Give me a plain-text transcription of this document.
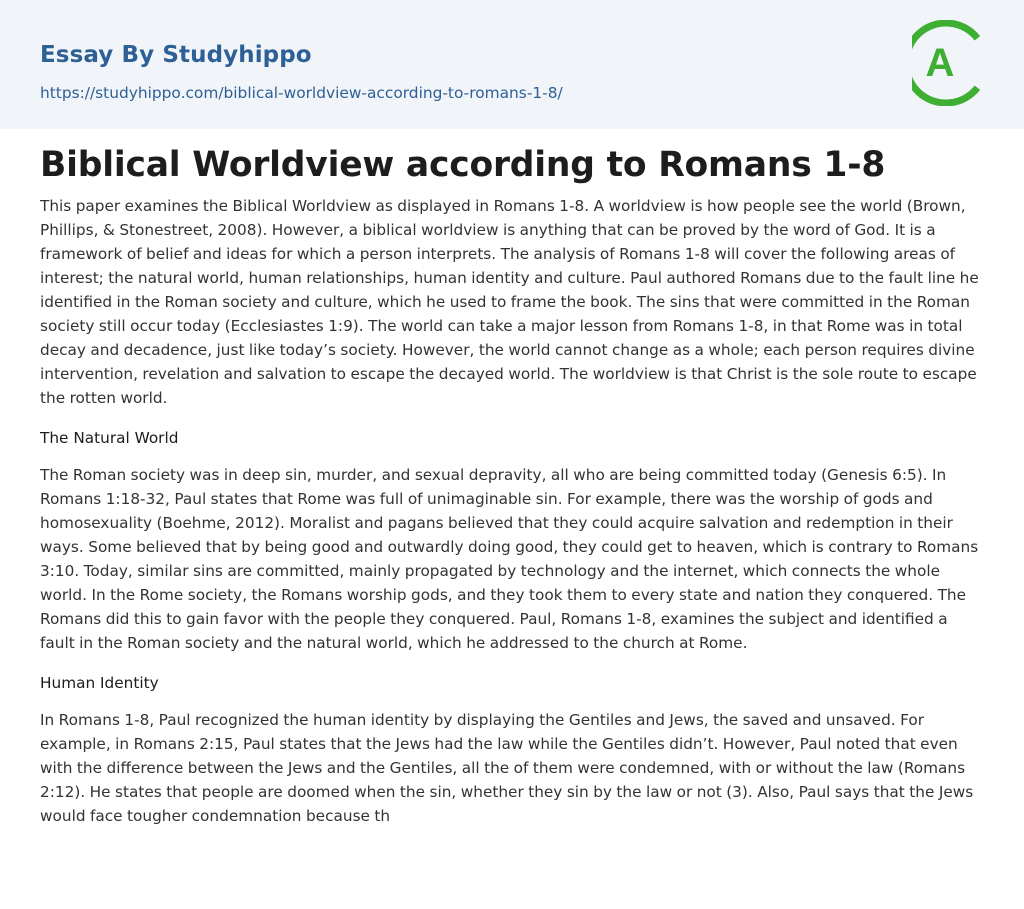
Essay By Studyhippo
https://studyhippo.com/biblical-worldview-according-to-romans-1-8/
A
Biblical Worldview according to Romans 1-8

This paper examines the Biblical Worldview as displayed in Romans 1-8. A worldview is how people see the world (Brown, Phillips, & Stonestreet, 2008). However, a biblical worldview is anything that can be proved by the word of God. It is a framework of belief and ideas for which a person interprets. The analysis of Romans 1-8 will cover the following areas of interest; the natural world, human relationships, human identity and culture. Paul authored Romans due to the fault line he identified in the Roman society and culture, which he used to frame the book. The sins that were committed in the Roman society still occur today (Ecclesiastes 1:9). The world can take a major lesson from Romans 1-8, in that Rome was in total decay and decadence, just like today’s society. However, the world cannot change as a whole; each person requires divine intervention, revelation and salvation to escape the decayed world. The worldview is that Christ is the sole route to escape the rotten world.

The Natural World

The Roman society was in deep sin, murder, and sexual depravity, all who are being committed today (Genesis 6:5). In Romans 1:18-32, Paul states that Rome was full of unimaginable sin. For example, there was the worship of gods and homosexuality (Boehme, 2012). Moralist and pagans believed that they could acquire salvation and redemption in their ways. Some believed that by being good and outwardly doing good, they could get to heaven, which is contrary to Romans 3:10. Today, similar sins are committed, mainly propagated by technology and the internet, which connects the whole world. In the Rome society, the Romans worship gods, and they took them to every state and nation they conquered. The Romans did this to gain favor with the people they conquered. Paul, Romans 1-8, examines the subject and identified a fault in the Roman society and the natural world, which he addressed to the church at Rome.

Human Identity

In Romans 1-8, Paul recognized the human identity by displaying the Gentiles and Jews, the saved and unsaved. For example, in Romans 2:15, Paul states that the Jews had the law while the Gentiles didn’t. However, Paul noted that even with the difference between the Jews and the Gentiles, all the of them were condemned, with or without the law (Romans 2:12). He states that people are doomed when the sin, whether they sin by the law or not (3). Also, Paul says that the Jews would face tougher condemnation because th
